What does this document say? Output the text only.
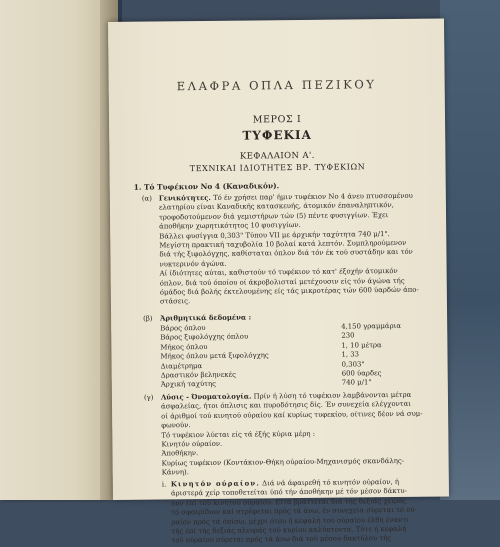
ΕΛΑΦΡΑ ΟΠΛΑ ΠΕΖΙΚΟΥ
ΜΕΡΟΣ Ι
ΤΥΦΕΚΙΑ
ΚΕΦΑΛΑΙΟΝ Α'.
ΤΕΧΝΙΚΑΙ ΙΔΙΟΤΗΤΕΣ ΒΡ. ΤΥΦΕΚΙΩΝ
1. Τό Τυφέκιον Νο 4 (Καναδικόν).
(α) Γενικότητες. Τό έν χρήσει παρ' ήμιν τυφέκιον Νο 4 άνευ πτυσσομένου
ελατηρίου είναι Καναδικής κατασκευής, άτομικόν έπαναληπτικόν,
τροφοδοτούμενον διά γεμιστήρων τών (5) πέντε φυσιγγίων. Έχει
άποθήκην χωρητικότητος 10 φυσιγγίων.
Βάλλει φυσίγγια 0,303" Τύπου VII με άρχικήν ταχύτητα 740 μ/1".
Μεγίστη πρακτική ταχυβολία 10 βολαί κατά λεπτόν. Συμπληρούμενον
διά τής ξιφολόγχης, καθίσταται όπλον διά τόν έκ τού συστάδην και τόν
νυκτερινόν άγώνα.
Αί ίδιότητες αύται, καθιστούν τό τυφέκιον τό κατ' έξοχήν άτομικόν
όπλον, διά τού όποίου οί άκροβολισταί μετέχουσιν είς τόν άγώνα τής
όμάδος διά βολής έκτελουμένης είς τάς μικροτέρας τών 600 ύαρδών άπο-
στάσεις.
(β) Άριθμητικά δεδομένα :
Βάρος όπλου
Βάρος ξιφολόγχης όπλου
Μήκος όπλου
Μήκος όπλου μετά ξιφολόγχης
Διαμέτρημα
Δραστικόν βεληνεκές
Άρχική ταχύτης
4,150 γραμμάρια
230
1, 10 μέτρα
1, 33
0,303"
600 ύαρδες
740 μ/1"
(γ) Λύσις - Όνοματολογία. Πρίν ή λύση τό τυφέκιον λαμβάνονται μέτρα
άσφαλείας, ήτοι όπλισις και πυροδότησις δίς. Έν συνεχεία ελέγχονται
οί άριθμοί τού κινητού ούραίου καί κυρίως τυφεκίου, οίτινες δέον νά συμ-
φωνούν.
Τό τυφέκιον λύεται είς τά έξής κύρια μέρη :
Κινητόν ούραίον.
Άποθήκην.
Κυρίως τυφέκιον (Κοντάκιον-Θήκη ούραίου-Μηχανισμός σκανδάλης-
Κάννη).
i. Κινητόν ούραίον. Διά νά άφαιρεθή τό κινητόν ούραίον, ή
άριστερά χείρ τοποθετείται ύπό τήν άποθήκην μέ τόν μέσον δάκτυ-
λον έπί τού κινητού ούραίου. Είτα βράττεται διά τής δεξιάς χειρός
τό σφαιρίδιον καί στρέφεται πρός τά άνω, έν συνεχεία σύρεται τό ού-
ραίον πρός τά όπίσω, μέχρι ότου ή κεφαλή τού ούραίου έλθη έναντι
τής έπί τής δεξιάς πλευράς τού κυρίου καλύπτοντα. Τότε ή κεφαλή
τού ούραίου σύρεται πρός τά άνω διά τού μέσου δακτύλου τής
